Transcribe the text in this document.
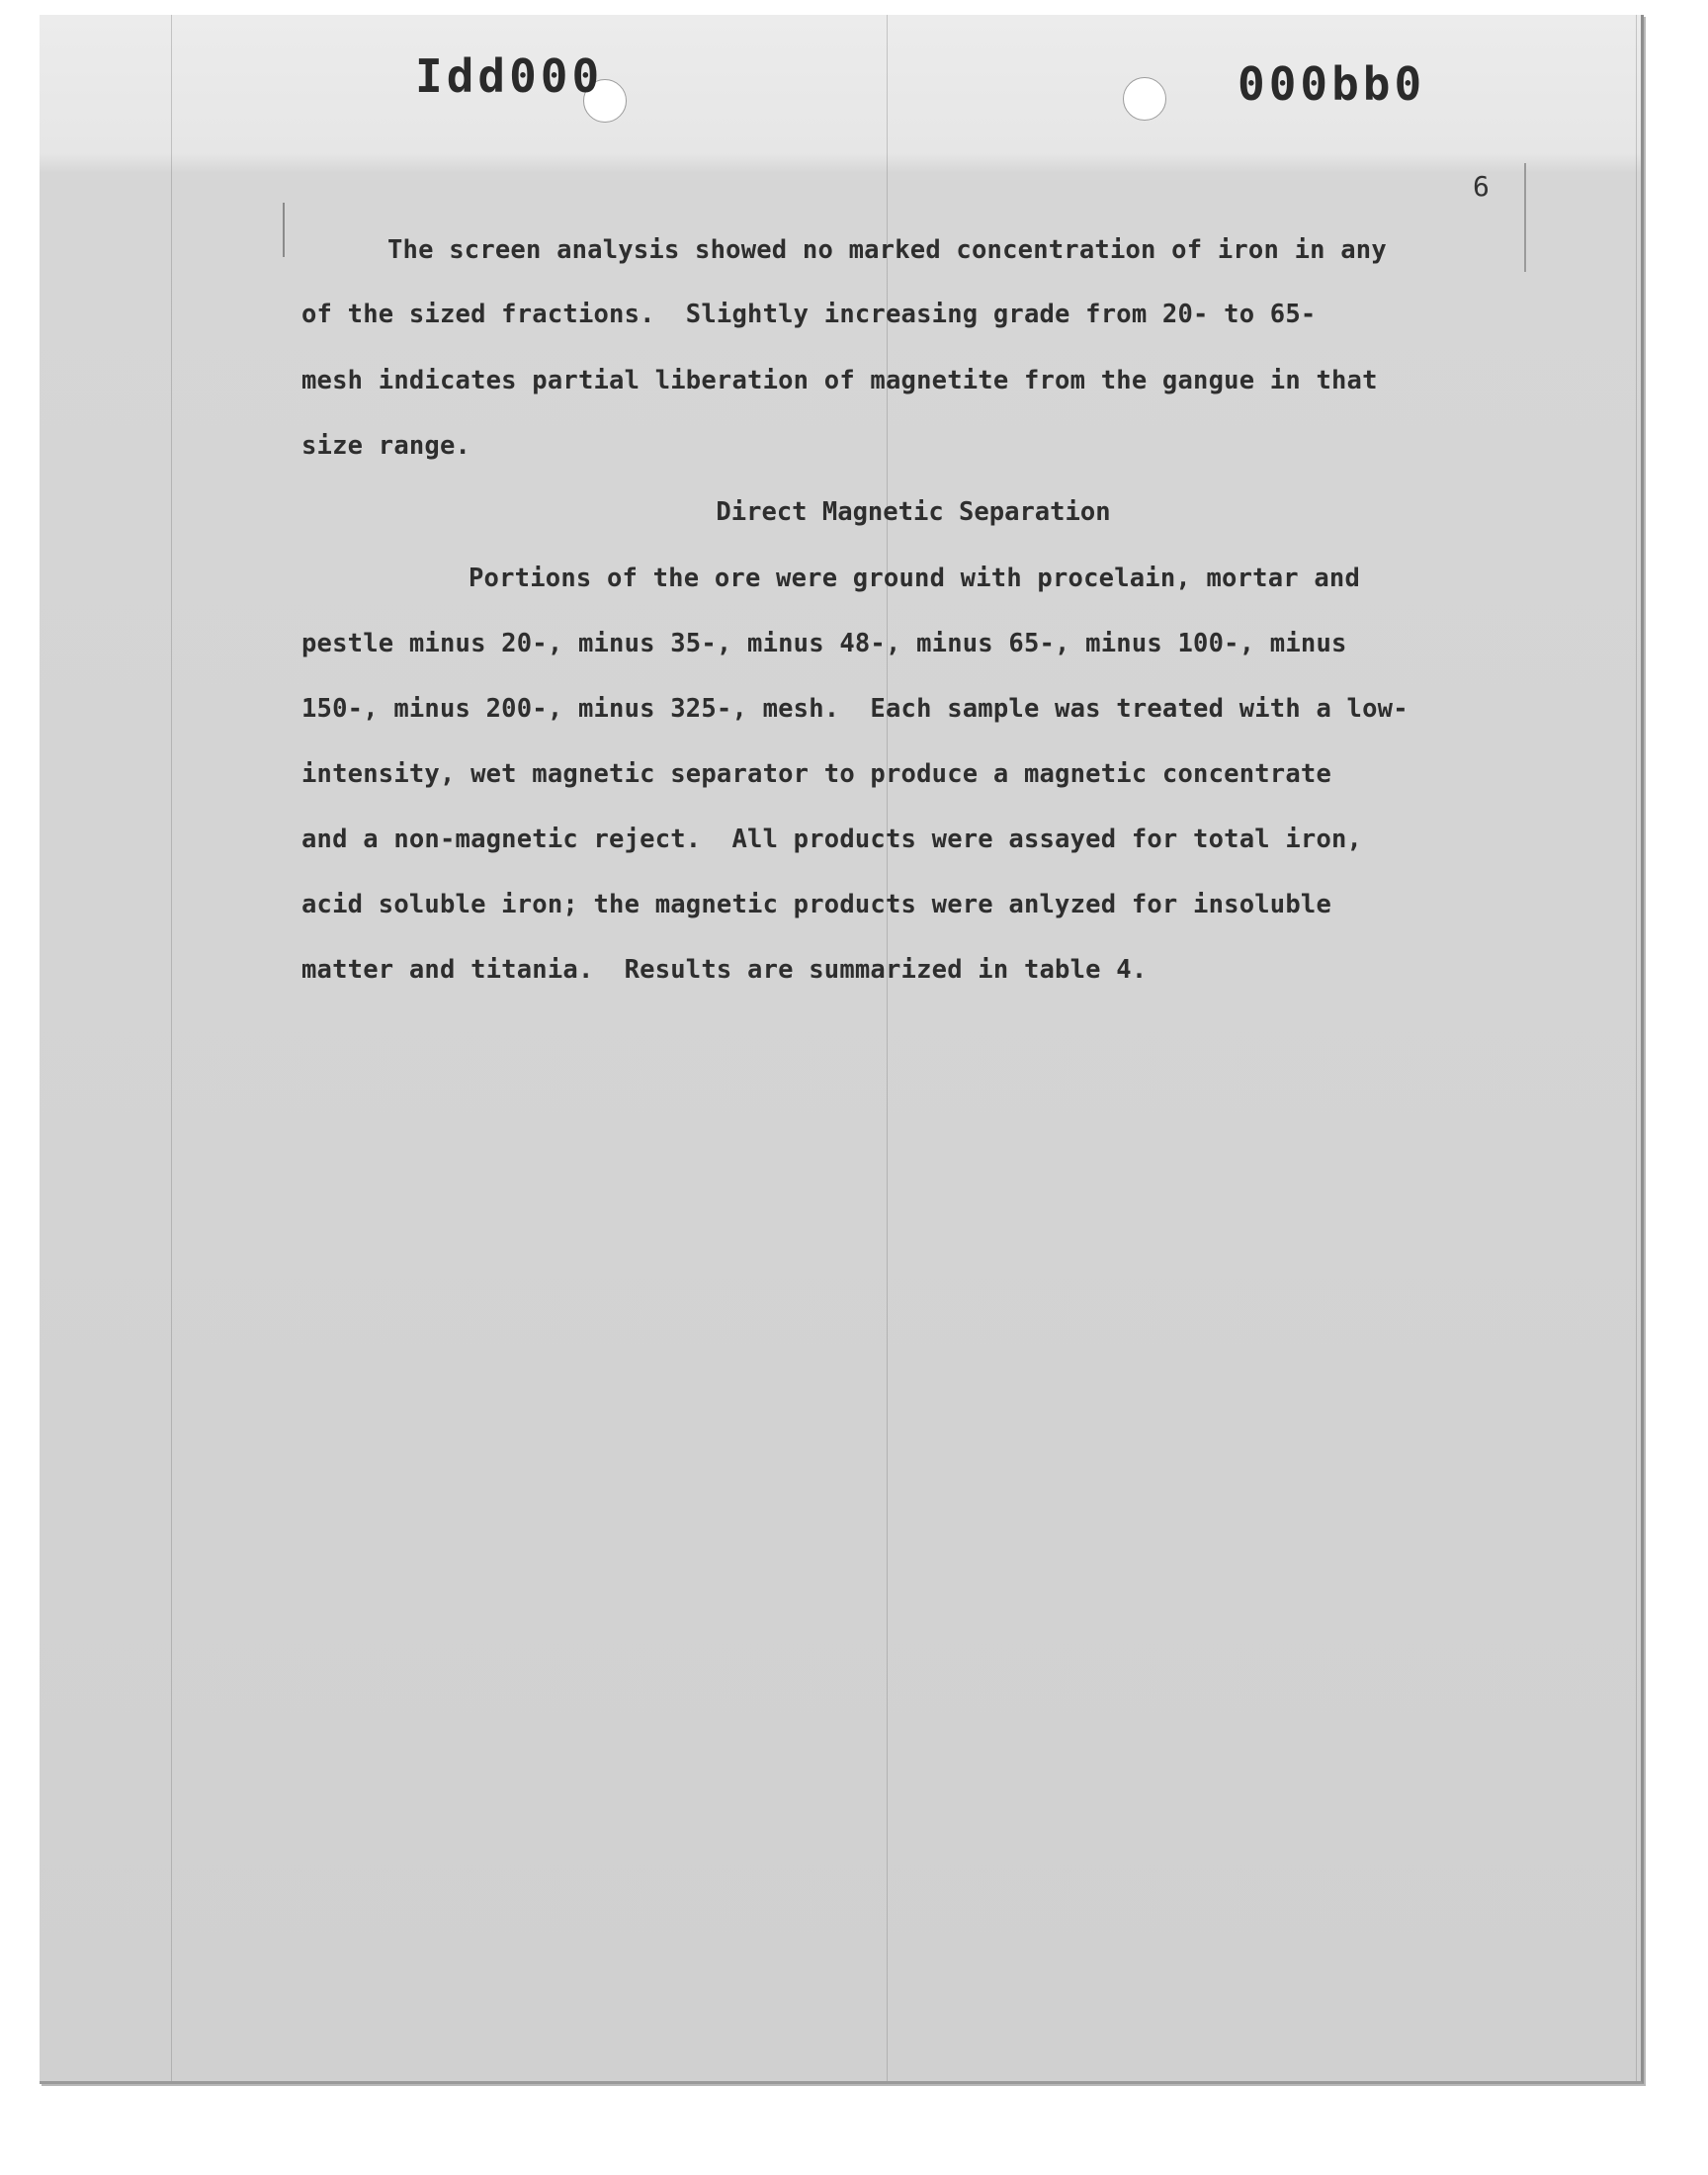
Idd000	000bb0
6
The screen analysis showed no marked concentration of iron in any
of the sized fractions.  Slightly increasing grade from 20- to 65-
mesh indicates partial liberation of magnetite from the gangue in that
size range.
Direct Magnetic Separation
Portions of the ore were ground with procelain, mortar and
pestle minus 20-, minus 35-, minus 48-, minus 65-, minus 100-, minus
150-, minus 200-, minus 325-, mesh.  Each sample was treated with a low-
intensity, wet magnetic separator to produce a magnetic concentrate
and a non-magnetic reject.  All products were assayed for total iron,
acid soluble iron; the magnetic products were anlyzed for insoluble
matter and titania.  Results are summarized in table 4.
